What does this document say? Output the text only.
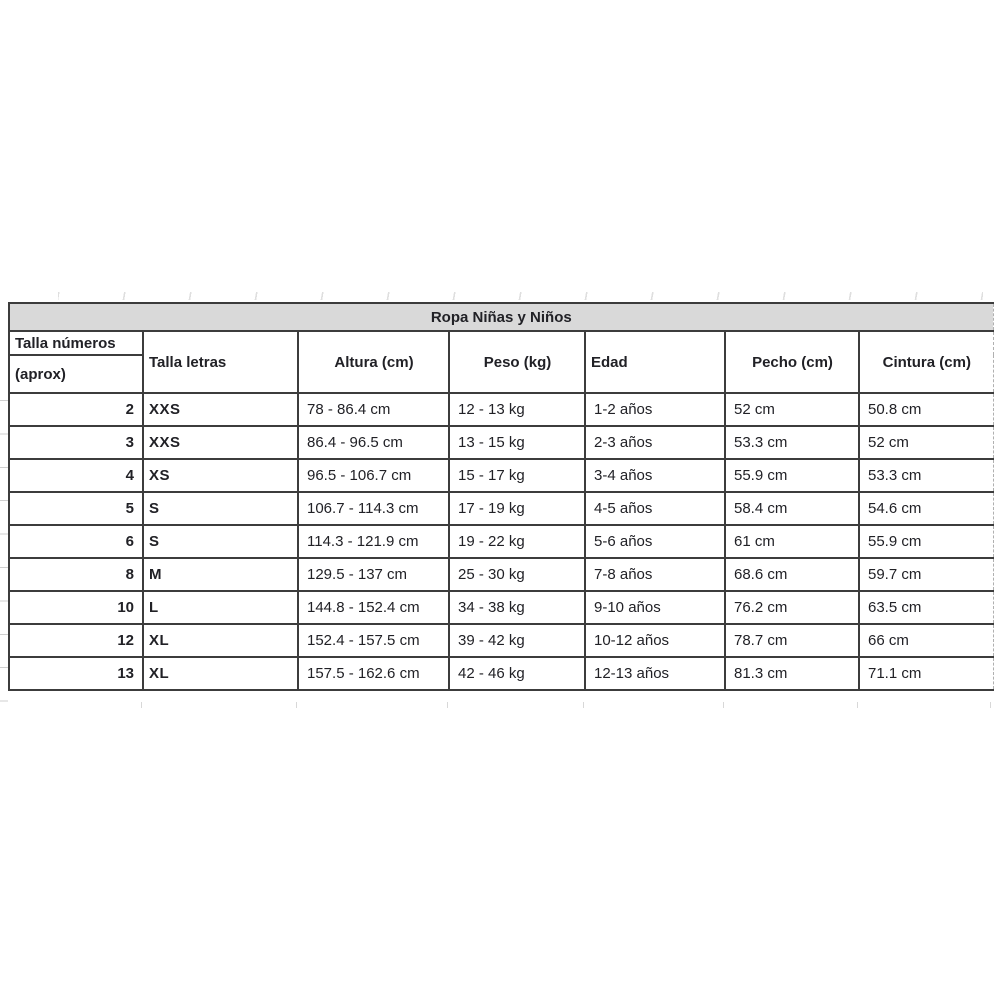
Ropa Niñas y Niños						
Talla números	Talla letras	Altura (cm)	Peso (kg)	Edad	Pecho (cm)	Cintura (cm)
(aprox)						
2	XXS	78 - 86.4 cm	12 - 13 kg	1-2 años	52 cm	50.8 cm
3	XXS	86.4 - 96.5 cm	13 - 15 kg	2-3 años	53.3 cm	52 cm
4	XS	96.5 - 106.7 cm	15 - 17 kg	3-4 años	55.9 cm	53.3 cm
5	S	106.7 - 114.3 cm	17 - 19 kg	4-5 años	58.4 cm	54.6 cm
6	S	114.3 - 121.9 cm	19 - 22 kg	5-6 años	61 cm	55.9 cm
8	M	129.5 - 137 cm	25 - 30 kg	7-8 años	68.6 cm	59.7 cm
10	L	144.8 - 152.4 cm	34 - 38 kg	9-10 años	76.2 cm	63.5 cm
12	XL	152.4 - 157.5 cm	39 - 42 kg	10-12 años	78.7 cm	66 cm
13	XL	157.5 - 162.6 cm	42 - 46 kg	12-13 años	81.3 cm	71.1 cm
